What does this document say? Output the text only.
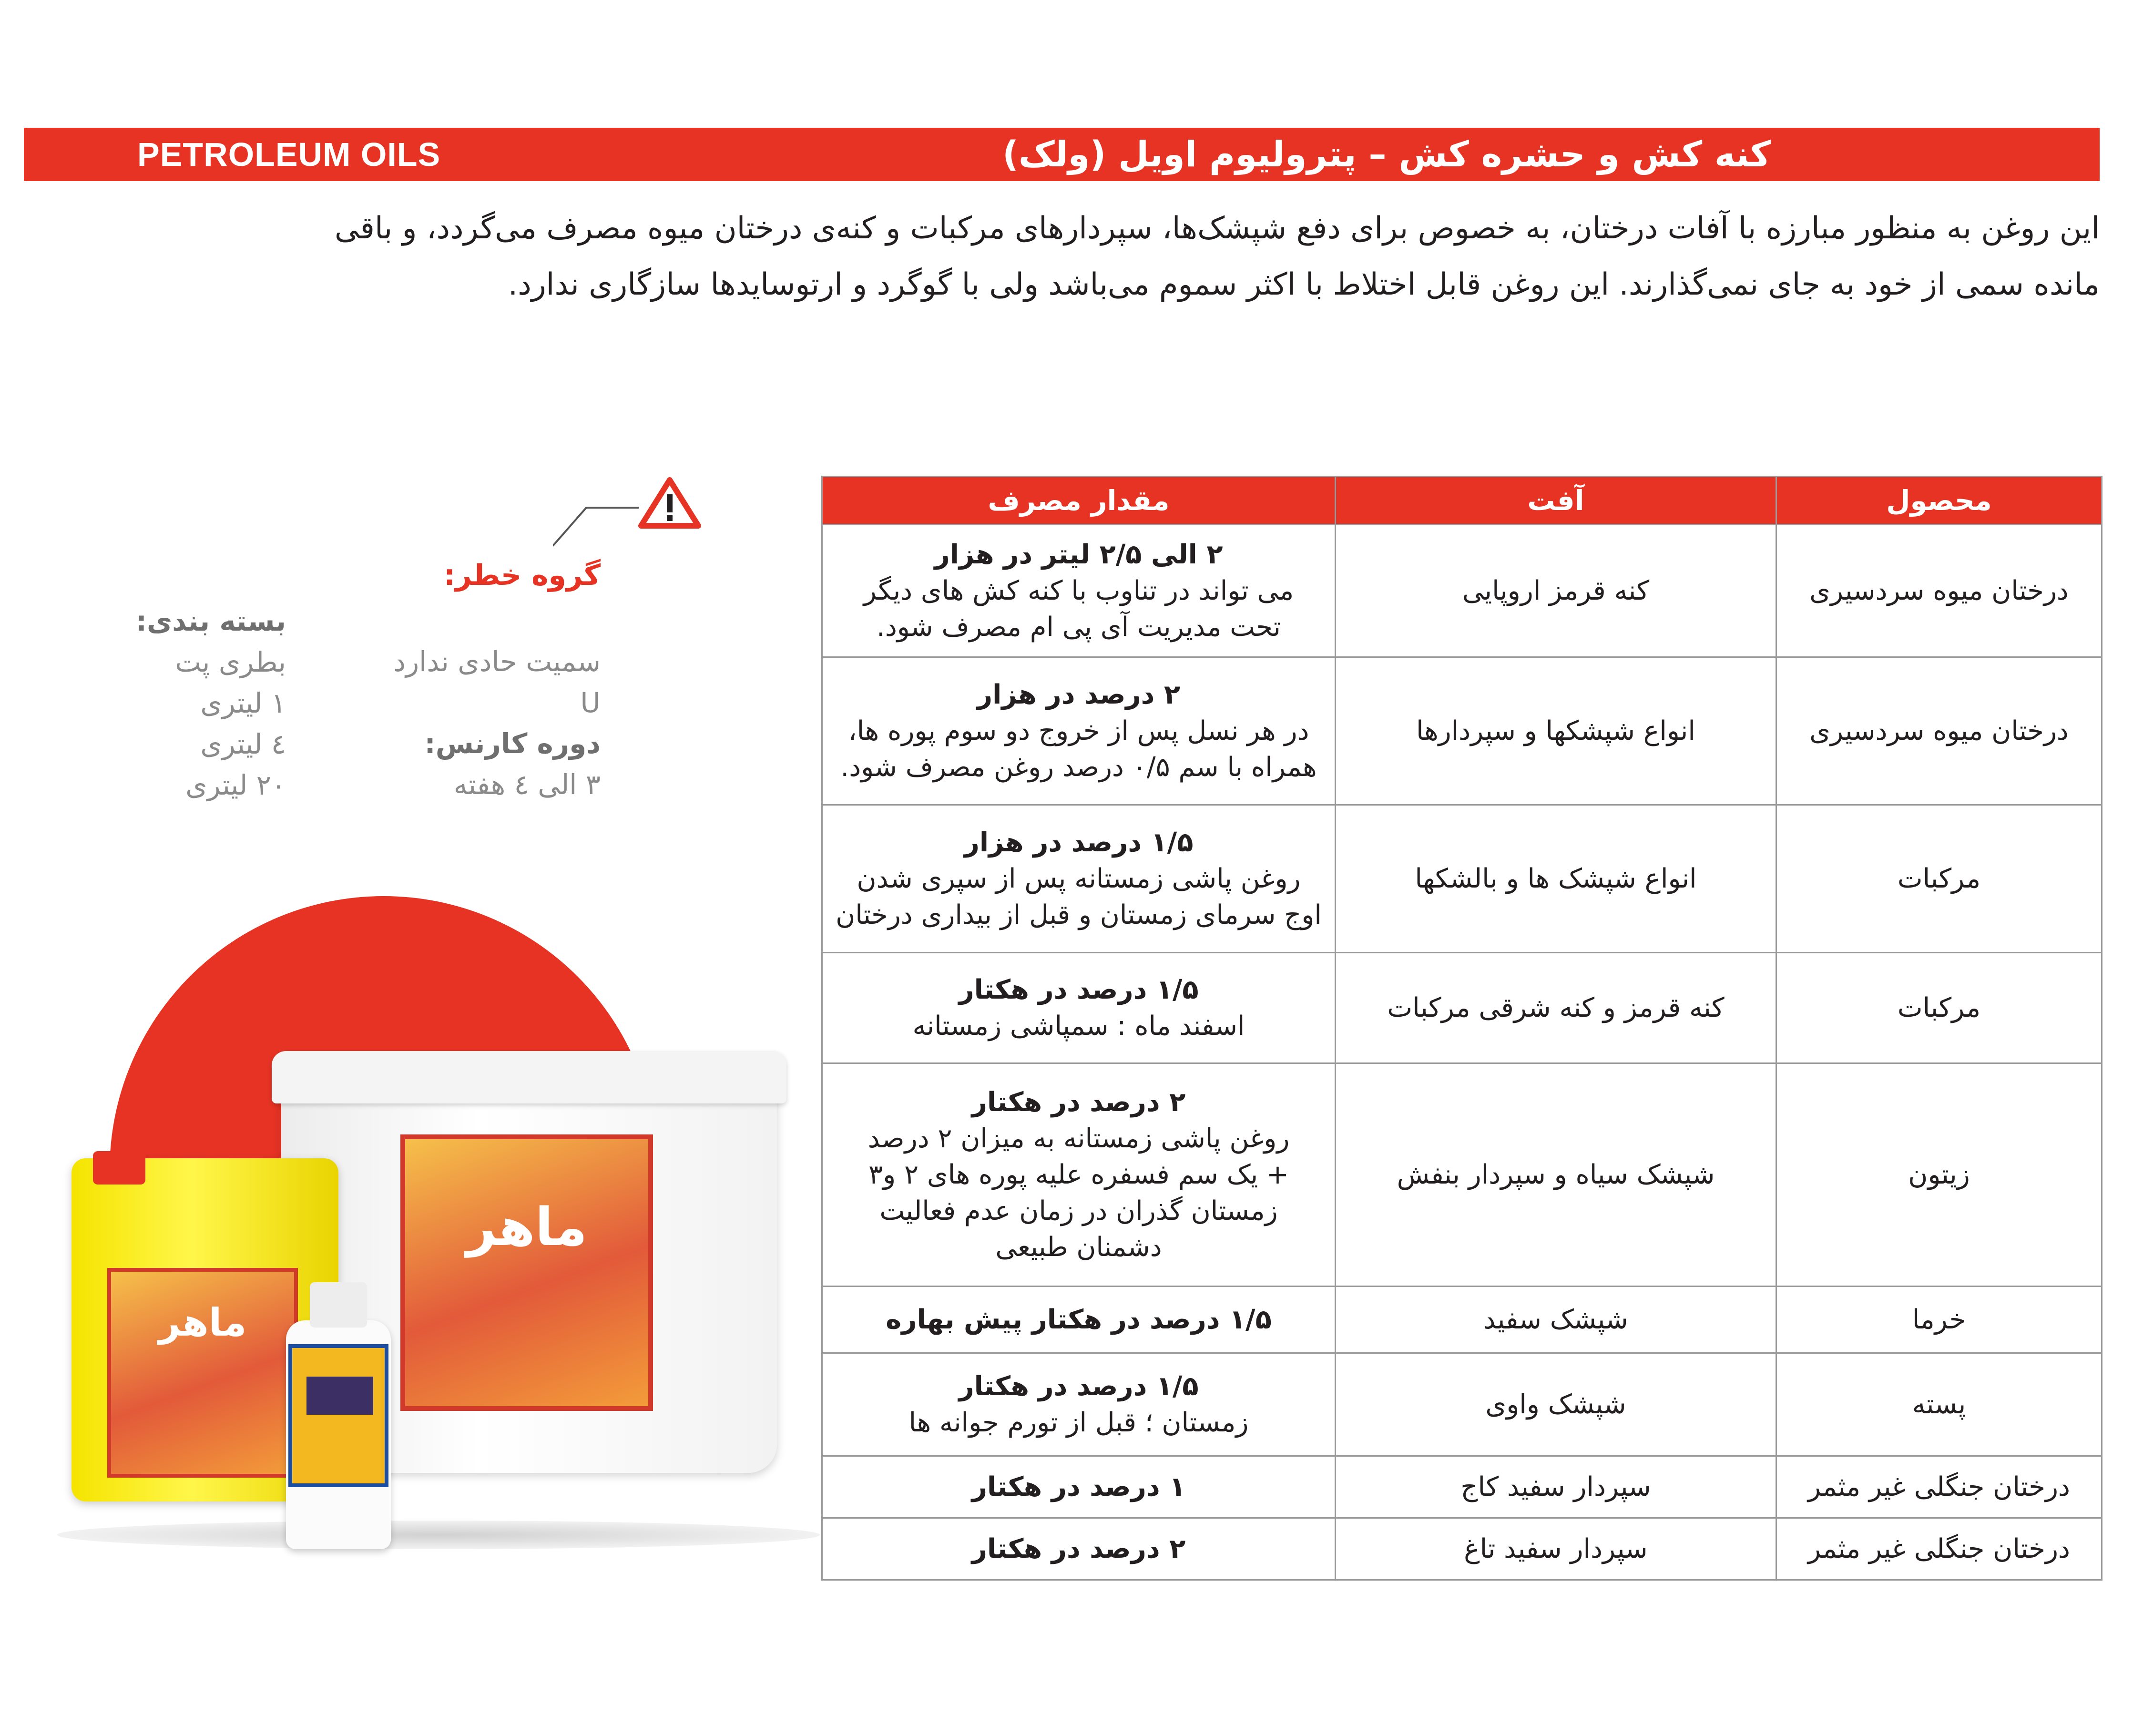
PETROLEUM OILS	کنه کش و حشره کش – پترولیوم اویل (ولک)

این روغن به منظور مبارزه با آفات درختان، به خصوص برای دفع شپشک‌ها، سپردارهای مرکبات و کنه‌ی درختان میوه مصرف می‌گردد، و باقی

مانده سمی از خود به جای نمی‌گذارند. این روغن قابل اختلاط با اکثر سموم می‌باشد ولی با گوگرد و ارتوسایدها سازگاری ندارد.

گروه خطر:
سمیت حادی ندارد
U
دوره کارنس:
۳ الی ٤ هفته
بسته بندی:
بطری پت
۱ لیتری
٤ لیتری
۲۰ لیتری
ماهر
ماهر
محصول	آفت	مقدار مصرف
درختان میوه سردسیری	کنه قرمز اروپایی	۲ الی ۲/۵ لیتر در هزار
می تواند در تناوب با کنه کش های دیگر
تحت مدیریت آی پی ام مصرف شود.

درختان میوه سردسیری	انواع شپشکها و سپردارها	۲ درصد در هزار
در هر نسل پس از خروج دو سوم پوره ها،
همراه با سم ۰/۵ درصد روغن مصرف شود.

مرکبات	انواع شپشک ها و بالشکها	۱/۵ درصد در هزار
روغن پاشی زمستانه پس از سپری شدن
اوج سرمای زمستان و قبل از بیداری درختان

مرکبات	کنه قرمز و کنه شرقی مرکبات	۱/۵ درصد در هکتار
اسفند ماه : سمپاشی زمستانه

زیتون	شپشک سیاه و سپردار بنفش	۲ درصد در هکتار
روغن پاشی زمستانه به میزان ۲ درصد
+ یک سم فسفره علیه پوره های ۲ و۳
زمستان گذران در زمان عدم فعالیت
دشمنان طبیعی

خرما	شپشک سفید	۱/۵ درصد در هکتار پیش بهاره

پسته	شپشک واوی	۱/۵ درصد در هکتار
زمستان ؛ قبل از تورم جوانه ها

درختان جنگلی غیر مثمر	سپردار سفید کاج	۱ درصد در هکتار

درختان جنگلی غیر مثمر	سپردار سفید تاغ	۲ درصد در هکتار
